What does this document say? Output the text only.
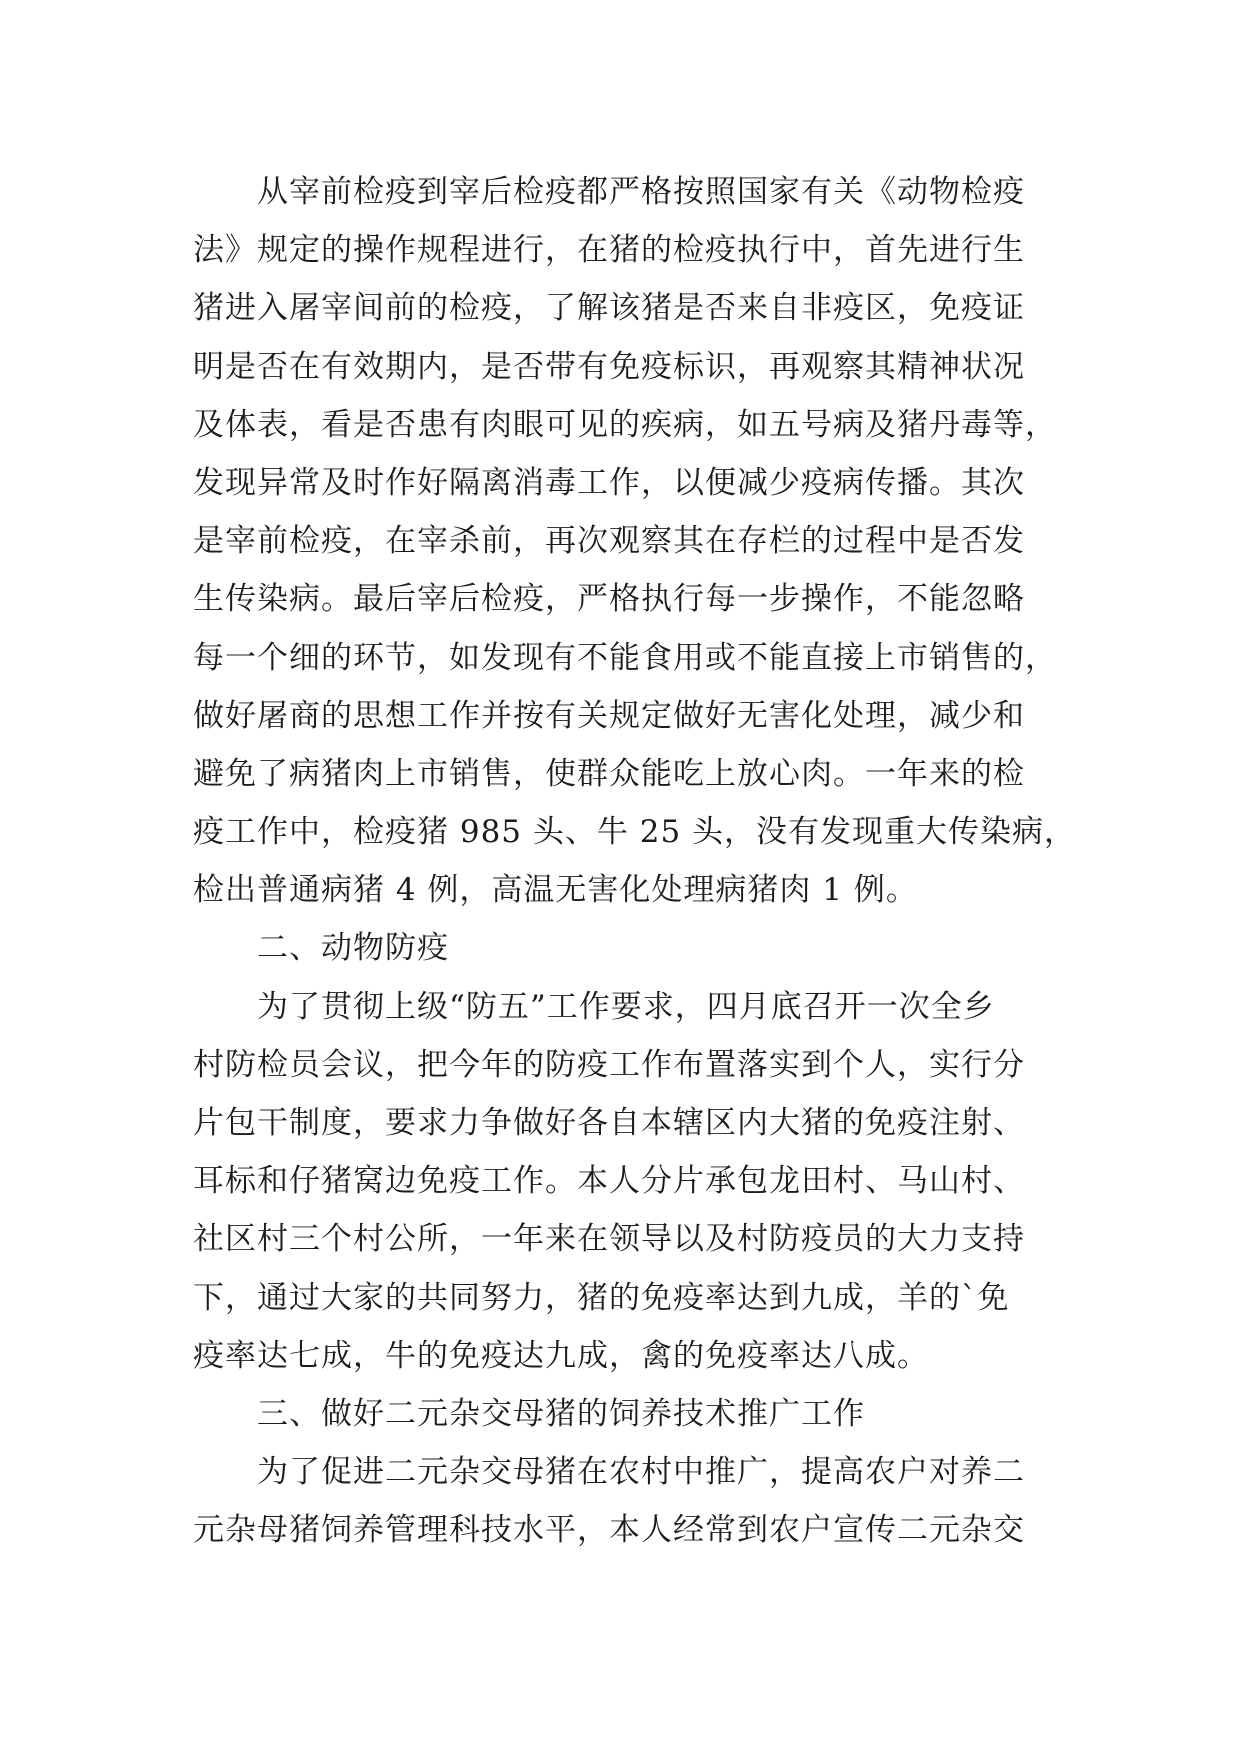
从宰前检疫到宰后检疫都严格按照国家有关《动物检疫
法》规定的操作规程进行，在猪的检疫执行中，首先进行生
猪进入屠宰间前的检疫，了解该猪是否来自非疫区，免疫证
明是否在有效期内，是否带有免疫标识，再观察其精神状况
及体表，看是否患有肉眼可见的疾病，如五号病及猪丹毒等，
发现异常及时作好隔离消毒工作，以便减少疫病传播。其次
是宰前检疫，在宰杀前，再次观察其在存栏的过程中是否发
生传染病。最后宰后检疫，严格执行每一步操作，不能忽略
每一个细的环节，如发现有不能食用或不能直接上市销售的，
做好屠商的思想工作并按有关规定做好无害化处理，减少和
避免了病猪肉上市销售，使群众能吃上放心肉。一年来的检
疫工作中，检疫猪 985 头、牛 25 头，没有发现重大传染病，
检出普通病猪 4 例，高温无害化处理病猪肉 1 例。
二、动物防疫
为了贯彻上级“防五”工作要求，四月底召开一次全乡
村防检员会议，把今年的防疫工作布置落实到个人，实行分
片包干制度，要求力争做好各自本辖区内大猪的免疫注射、
耳标和仔猪窝边免疫工作。本人分片承包龙田村、马山村、
社区村三个村公所，一年来在领导以及村防疫员的大力支持
下，通过大家的共同努力，猪的免疫率达到九成，羊的`免
疫率达七成，牛的免疫达九成，禽的免疫率达八成。
三、做好二元杂交母猪的饲养技术推广工作
为了促进二元杂交母猪在农村中推广，提高农户对养二
元杂母猪饲养管理科技水平，本人经常到农户宣传二元杂交
